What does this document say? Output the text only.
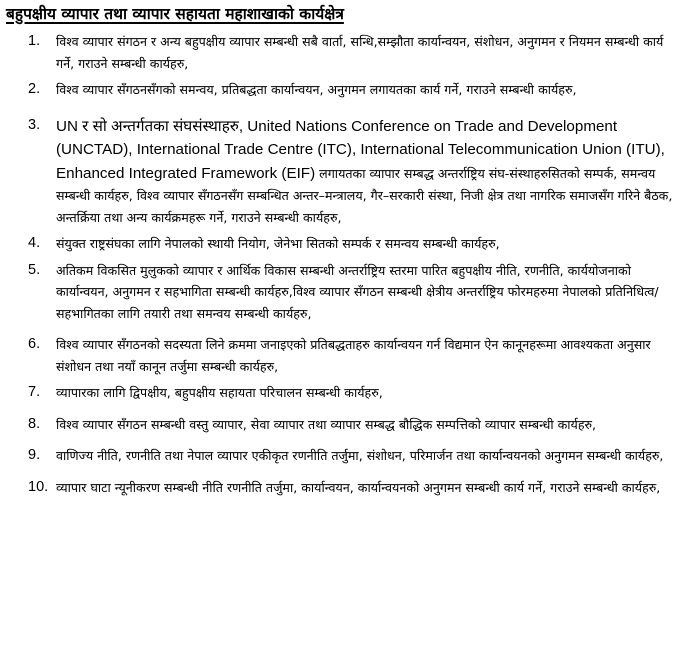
बहुपक्षीय व्यापार तथा व्यापार सहायता महाशाखाको कार्यक्षेत्र
1.	विश्व व्यापार संगठन र अन्य बहुपक्षीय व्यापार सम्बन्धी सबै वार्ता, सन्धि,सम्झौता कार्यान्वयन, संशोधन, अनुगमन र नियमन सम्बन्धी कार्य गर्ने, गराउने सम्बन्धी कार्यहरु,
2.	विश्व व्यापार सँगठनसँगको समन्वय, प्रतिबद्धता कार्यान्वयन, अनुगमन लगायतका कार्य गर्ने, गराउने सम्बन्धी कार्यहरु,
3.	UN र सो अन्तर्गतका संघसंस्थाहरु, United Nations Conference on Trade and Development (UNCTAD), International Trade Centre (ITC), International Telecommunication Union (ITU), Enhanced Integrated Framework (EIF) लगायतका व्यापार सम्बद्ध अन्तर्राष्ट्रिय संघ-संस्थाहरुसितको सम्पर्क, समन्वय सम्बन्धी कार्यहरु, विश्व व्यापार सँगठनसँग सम्बन्धित अन्तर–मन्त्रालय, गैर–सरकारी संस्था, निजी क्षेत्र तथा नागरिक समाजसँग गरिने बैठक, अन्तर्क्रिया तथा अन्य कार्यक्रमहरू गर्ने, गराउने सम्बन्धी कार्यहरु,
4.	संयुक्त राष्ट्रसंघका लागि नेपालको स्थायी नियोग, जेनेभा सितको सम्पर्क र समन्वय सम्बन्धी कार्यहरु,
5.	अतिकम विकसित मुलुकको व्यापार र आर्थिक विकास सम्बन्धी अन्तर्राष्ट्रिय स्तरमा पारित बहुपक्षीय नीति, रणनीति, कार्ययोजनाको कार्यान्वयन, अनुगमन र सहभागिता सम्बन्धी कार्यहरु,विश्व व्यापार सँगठन सम्बन्धी क्षेत्रीय अन्तर्राष्ट्रिय फोरमहरुमा नेपालको प्रतिनिधित्व/सहभागितका लागि तयारी तथा समन्वय सम्बन्धी कार्यहरु,
6.	विश्व व्यापार सँगठनको सदस्यता लिने क्रममा जनाइएको प्रतिबद्धताहरु कार्यान्वयन गर्न विद्यमान ऐन कानूनहरूमा आवश्यकता अनुसार संशोधन तथा नयाँ कानून तर्जुमा सम्बन्धी कार्यहरु,
7.	व्यापारका लागि द्विपक्षीय, बहुपक्षीय सहायता परिचालन सम्बन्धी कार्यहरु,
8.	विश्व व्यापार सँगठन सम्बन्धी वस्तु व्यापार, सेवा व्यापार तथा व्यापार सम्बद्ध बौद्धिक सम्पत्तिको व्यापार सम्बन्धी कार्यहरु,
9.	वाणिज्य नीति, रणनीति तथा नेपाल व्यापार एकीकृत रणनीति तर्जुमा, संशोधन, परिमार्जन तथा कार्यान्वयनको अनुगमन सम्बन्धी कार्यहरु,
10. व्यापार घाटा न्यूनीकरण सम्बन्धी नीति रणनीति तर्जुमा, कार्यान्वयन, कार्यान्वयनको अनुगमन सम्बन्धी कार्य गर्ने, गराउने सम्बन्धी कार्यहरु,
